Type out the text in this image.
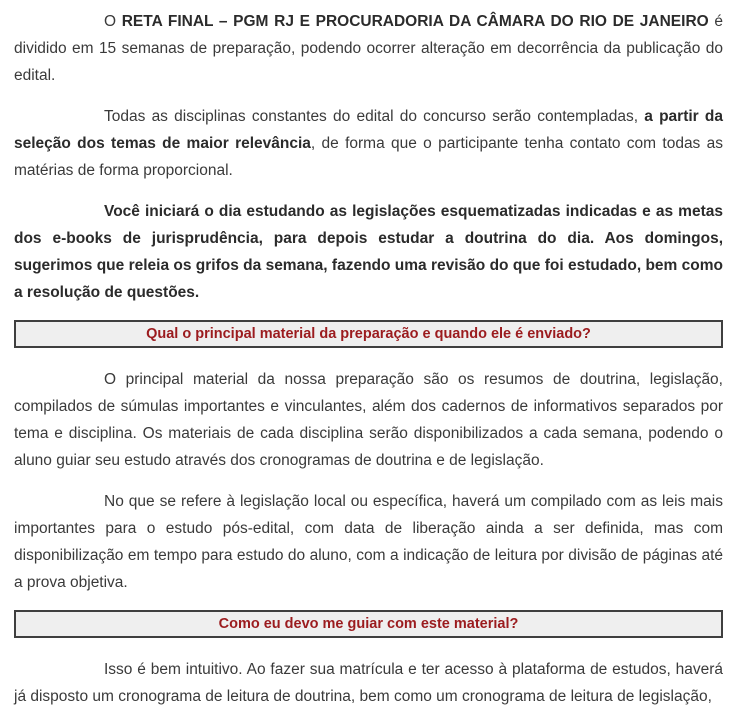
O RETA FINAL – PGM RJ E PROCURADORIA DA CÂMARA DO RIO DE JANEIRO é dividido em 15 semanas de preparação, podendo ocorrer alteração em decorrência da publicação do edital.

Todas as disciplinas constantes do edital do concurso serão contempladas, a partir da seleção dos temas de maior relevância, de forma que o participante tenha contato com todas as matérias de forma proporcional.

Você iniciará o dia estudando as legislações esquematizadas indicadas e as metas dos e-books de jurisprudência, para depois estudar a doutrina do dia. Aos domingos, sugerimos que releia os grifos da semana, fazendo uma revisão do que foi estudado, bem como a resolução de questões.

Qual o principal material da preparação e quando ele é enviado?

O principal material da nossa preparação são os resumos de doutrina, legislação, compilados de súmulas importantes e vinculantes, além dos cadernos de informativos separados por tema e disciplina. Os materiais de cada disciplina serão disponibilizados a cada semana, podendo o aluno guiar seu estudo através dos cronogramas de doutrina e de legislação.

No que se refere à legislação local ou específica, haverá um compilado com as leis mais importantes para o estudo pós-edital, com data de liberação ainda a ser definida, mas com disponibilização em tempo para estudo do aluno, com a indicação de leitura por divisão de páginas até a prova objetiva.

Como eu devo me guiar com este material?

Isso é bem intuitivo. Ao fazer sua matrícula e ter acesso à plataforma de estudos, haverá já disposto um cronograma de leitura de doutrina, bem como um cronograma de leitura de legislação,
